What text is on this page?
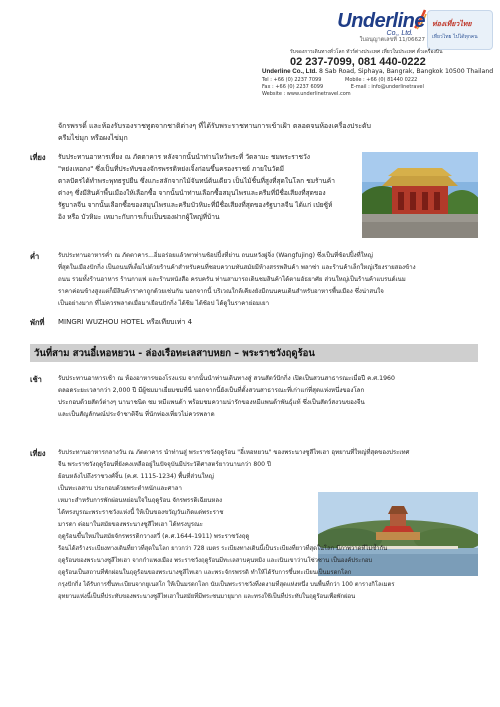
Underline
Co., Ltd.
ใบอนุญาตเลขที่ 11/06627
ท่องเที่ยวไทย
เที่ยวไทย ไปได้ทุกคน
รับจองการเดินทางทั่วโลก ทัวร์ต่างประเทศ เที่ยวในประเทศ ตั๋วเครื่องบิน
02 237-7099, 081 440-0222
Underline Co., Ltd. 8 Sab Road, Siphaya, Bangrak, Bangkok 10500 Thailand
Tel : +66 (0) 2237 7099	Mobile : +66 (0) 81440 0222
Fax : +66 (0) 2237 6099	E-mail : info@underlinetravel
Website : www.underlinetravel.com
จักรพรรดิ์ และห้องรับรองราชทูตจากชาติต่างๆ ที่ได้รับพระราชทานการเข้าเฝ้า ตลอดจนห้องเครื่องประดับ
ครีมไข่มุก หรือผงไข่มุก
เที่ยง รับประทานอาหารเที่ยง ณ ภัตตาคาร หลังจากนั้นนำท่านไหว้พระที่ วัดลามะ ชมพระราชวัง
"หย่งเหอกง" ซึ่งเป็นที่ประทับของจักรพรรดิหย่งเจิ้งก่อนขึ้นครองราชย์ ภายในวัดมี
ตาลปัตรได้ทำพระพุทธรูปยืน ซึ่งแกะสลักจากไม้จันทน์ต้นเดียว เป็นไม้ชิ้นที่สูงที่สุดในโลก ชมร้านค้า
ต่างๆ ซึ่งมีสินค้าพื้นเมืองให้เลือกซื้อ จากนั้นนำท่านเลือกซื้อสมุนไพรและครีมที่มีชื่อเสียงที่สุดของ
รัฐบาลจีน จากนั้นเลือกซื้อของสมุนไพรและครีมบัวหิมะที่มีชื่อเสียงที่สุดของรัฐบาลจีน ได้แก่ เป่ยซู้ห์
อิง หรือ บัวหิมะ เหมาะกับการเก็บเป็นของฝากผู้ใหญ่ที่บ้าน
ค่ำ	รับประทานอาหารค่ำ ณ ภัตตาคาร...อิ่มอร่อยแล้วพาท่านช้อปปิ้งที่ย่าน ถนนหวังฝูจิ่ง (Wangfujing) ซึ่งเป็นที่ช้อปปิ้งที่ใหญ่
ที่สุดในเมืองปักกิ่ง เป็นถนนที่เต็มไปด้วยร้านค้าสำหรับคนที่ชอบความทันสมัยมีห้างสรรพสินค้า พลาซ่า และร้านค้าเล็กใหญ่เรียงรายสองข้าง
ถนน รวมทั้งร้านอาหาร ร้านกาแฟ และร้านหนังสือ ครบครัน ท่านสามารถเดินชมสินค้าได้ตามอัธยาศัย ส่วนใหญ่เป็นร้านค้าแบรนด์เนม
ราคาค่อนข้างสูงแต่ก็มีสินค้าราคาถูกด้วยเช่นกัน นอกจากนี้ บริเวณใกล้เคียงยังมีถนนคนเดินสำหรับอาหารพื้นเมือง ซึ่งน่าสนใจ
เป็นอย่างมาก ที่ไม่ควรพลาดเมื่อมาเยือนปักกิ่ง ได้ชิม ได้ช้อป ได้ดูในราคาย่อมเยา
พักที่ MINGRI WUZHOU HOTEL หรือเทียบเท่า 4
วันที่สาม สวนอี๋เหอหยวน - ล่องเรือทะเลสาบหยก – พระราชวังฤดูร้อน
เช้า	รับประทานอาหารเช้า ณ ห้องอาหารของโรงแรม จากนั้นนำท่านเดินทางสู่ สวนสัตว์ปักกิ่ง เปิดเป็นสวนสาธารณะเมื่อปี ค.ศ.1960
ตลอดระยะเวลากว่า 2,000 ปี มีผู้ชมมาเยี่ยมชมที่นี่ นอกจากนี้ยังเป็นที่ตั้งสวนสาธารณะที่เก่าแก่ที่สุดแห่งหนึ่งของโลก
ประกอบด้วยสัตว์ต่างๆ นานาชนิด ชม หมีแพนด้า พร้อมชมความน่ารักของหมีแพนด้าพันธุ์แท้ ซึ่งเป็นสัตว์สงวนของจีน
และเป็นสัญลักษณ์ประจำชาติจีน ที่นักท่องเที่ยวไม่ควรพลาด
เที่ยง รับประทานอาหารกลางวัน ณ ภัตตาคาร นำท่านสู่ พระราชวังฤดูร้อน "อี๋เหอหยวน" ของพระนางซูสีไทเฮา อุทยานที่ใหญ่ที่สุดของประเทศ
จีน พระราชวังฤดูร้อนที่ยังคงเหลืออยู่ในปัจจุบันมีประวัติศาสตร์ยาวนานกว่า 800 ปี
ย้อนหลังไปถึงราชวงศ์จิ้น (ค.ศ. 1115-1234) พื้นที่ส่วนใหญ่
เป็นทะเลสาบ ประกอบด้วยพระตำหนักและศาลา
เหมาะสำหรับการพักผ่อนหย่อนใจในฤดูร้อน จักรพรรดิเฉียนหลง
ได้ทรงบูรณะพระราชวังแห่งนี้ ให้เป็นของขวัญวันเกิดแด่พระราช
มารดา ต่อมาในสมัยของพระนางซูสีไทเฮา ได้ทรงบูรณะ
ฤดูร้อนขึ้นใหม่ในสมัยจักรพรรดิกวางสวี่ (ค.ศ.1644-1911) พระราชวังฤดู
ร้อนได้สร้างระเบียงทางเดินที่ยาวที่สุดในโลก ยาวกว่า 728 เมตร ระเบียงทางเดินนี้เป็นระเบียงที่ยาวที่สุดในโลก มีภาพวาดที่ไม่ซ้ำกัน
ฤดูร้อนของพระนางซูสีไทเฮา จากกำแพงเมือง พระราชวังฤดูร้อนมีทะเลสาบคุนหมิง และเนินเขาว่านโซ่วซาน เป็นองค์ประกอบ
ฤดูร้อนเป็นสถานที่พักผ่อนในฤดูร้อนของพระนางซูสีไทเฮา และพระจักรพรรดิ ทำให้ได้รับการขึ้นทะเบียนเป็นมรดกโลก
กรุงปักกิ่ง ได้รับการขึ้นทะเบียนจากยูเนสโก ให้เป็นมรดกโลก นับเป็นพระราชวังที่งดงามที่สุดแห่งหนึ่ง บนพื้นที่กว่า 100 ตารางกิโลเมตร
อุทยานแห่งนี้เป็นที่ประทับของพระนางซูสีไทเฮาในสมัยที่มีพระชนมายุมาก และทรงใช้เป็นที่ประทับในฤดูร้อนเพื่อพักผ่อน
